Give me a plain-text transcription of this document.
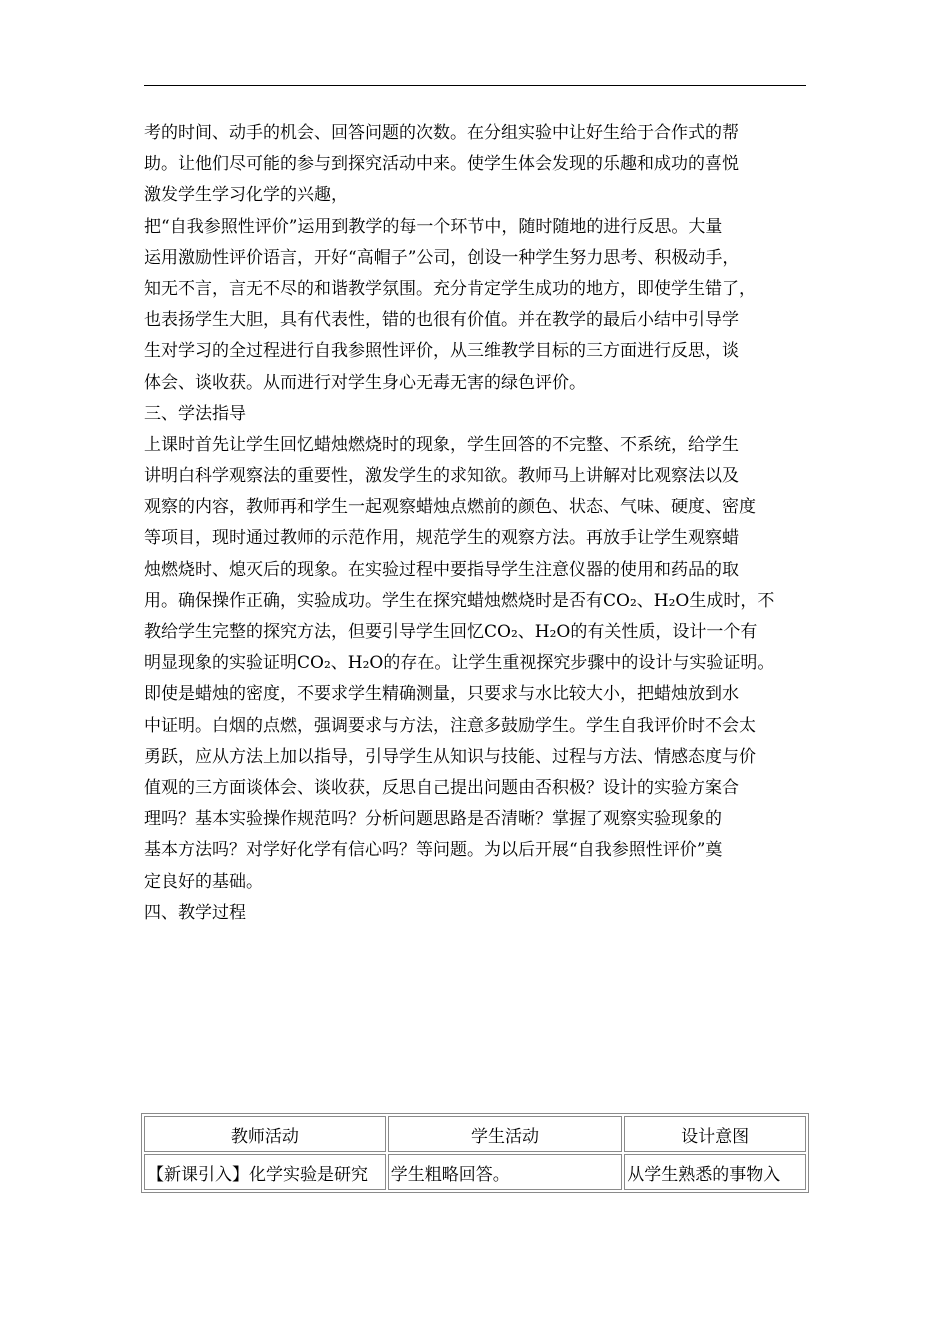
考的时间、动手的机会、回答问题的次数。在分组实验中让好生给于合作式的帮
助。让他们尽可能的参与到探究活动中来。使学生体会发现的乐趣和成功的喜悦
激发学生学习化学的兴趣，
把“自我参照性评价”运用到教学的每一个环节中，随时随地的进行反思。大量
运用激励性评价语言，开好“高帽子”公司，创设一种学生努力思考、积极动手，
知无不言，言无不尽的和谐教学氛围。充分肯定学生成功的地方，即使学生错了，
也表扬学生大胆，具有代表性，错的也很有价值。并在教学的最后小结中引导学
生对学习的全过程进行自我参照性评价，从三维教学目标的三方面进行反思，谈
体会、谈收获。从而进行对学生身心无毒无害的绿色评价。
三、学法指导
上课时首先让学生回忆蜡烛燃烧时的现象，学生回答的不完整、不系统，给学生
讲明白科学观察法的重要性，激发学生的求知欲。教师马上讲解对比观察法以及
观察的内容，教师再和学生一起观察蜡烛点燃前的颜色、状态、气味、硬度、密度
等项目，现时通过教师的示范作用，规范学生的观察方法。再放手让学生观察蜡
烛燃烧时、熄灭后的现象。在实验过程中要指导学生注意仪器的使用和药品的取
用。确保操作正确，实验成功。学生在探究蜡烛燃烧时是否有CO₂、H₂O生成时，不
教给学生完整的探究方法，但要引导学生回忆CO₂、H₂O的有关性质，设计一个有
明显现象的实验证明CO₂、H₂O的存在。让学生重视探究步骤中的设计与实验证明。
即使是蜡烛的密度，不要求学生精确测量，只要求与水比较大小，把蜡烛放到水
中证明。白烟的点燃，强调要求与方法，注意多鼓励学生。学生自我评价时不会太
勇跃，应从方法上加以指导，引导学生从知识与技能、过程与方法、情感态度与价
值观的三方面谈体会、谈收获，反思自己提出问题由否积极？设计的实验方案合
理吗？基本实验操作规范吗？分析问题思路是否清晰？掌握了观察实验现象的
基本方法吗？对学好化学有信心吗？等问题。为以后开展“自我参照性评价”奠
定良好的基础。
四、教学过程
教师活动	学生活动	设计意图
【新课引入】化学实验是研究	学生粗略回答。	从学生熟悉的事物入
